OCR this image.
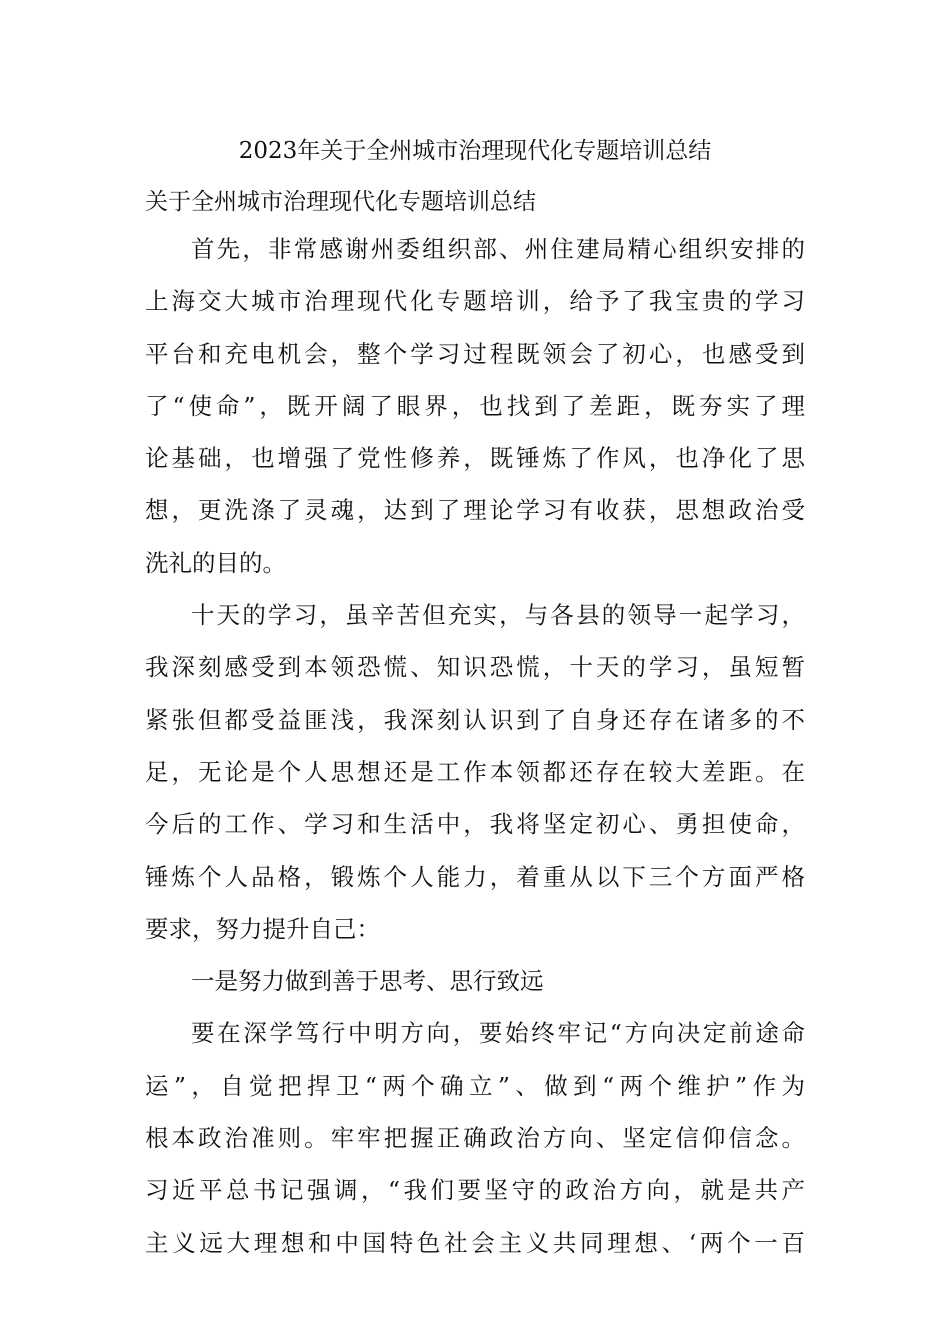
2023年关于全州城市治理现代化专题培训总结
关于全州城市治理现代化专题培训总结
首先，非常感谢州委组织部、州住建局精心组织安排的
上海交大城市治理现代化专题培训，给予了我宝贵的学习
平台和充电机会，整个学习过程既领会了初心，也感受到
了“使命”，既开阔了眼界，也找到了差距，既夯实了理
论基础，也增强了党性修养，既锤炼了作风，也净化了思
想，更洗涤了灵魂，达到了理论学习有收获，思想政治受
洗礼的目的。
十天的学习，虽辛苦但充实，与各县的领导一起学习，
我深刻感受到本领恐慌、知识恐慌，十天的学习，虽短暂
紧张但都受益匪浅，我深刻认识到了自身还存在诸多的不
足，无论是个人思想还是工作本领都还存在较大差距。在
今后的工作、学习和生活中，我将坚定初心、勇担使命，
锤炼个人品格，锻炼个人能力，着重从以下三个方面严格
要求，努力提升自己：
一是努力做到善于思考、思行致远
要在深学笃行中明方向，要始终牢记“方向决定前途命
运”，自觉把捍卫“两个确立”、做到“两个维护”作为
根本政治准则。牢牢把握正确政治方向、坚定信仰信念。
习近平总书记强调，“我们要坚守的政治方向，就是共产
主义远大理想和中国特色社会主义共同理想、‘两个一百
